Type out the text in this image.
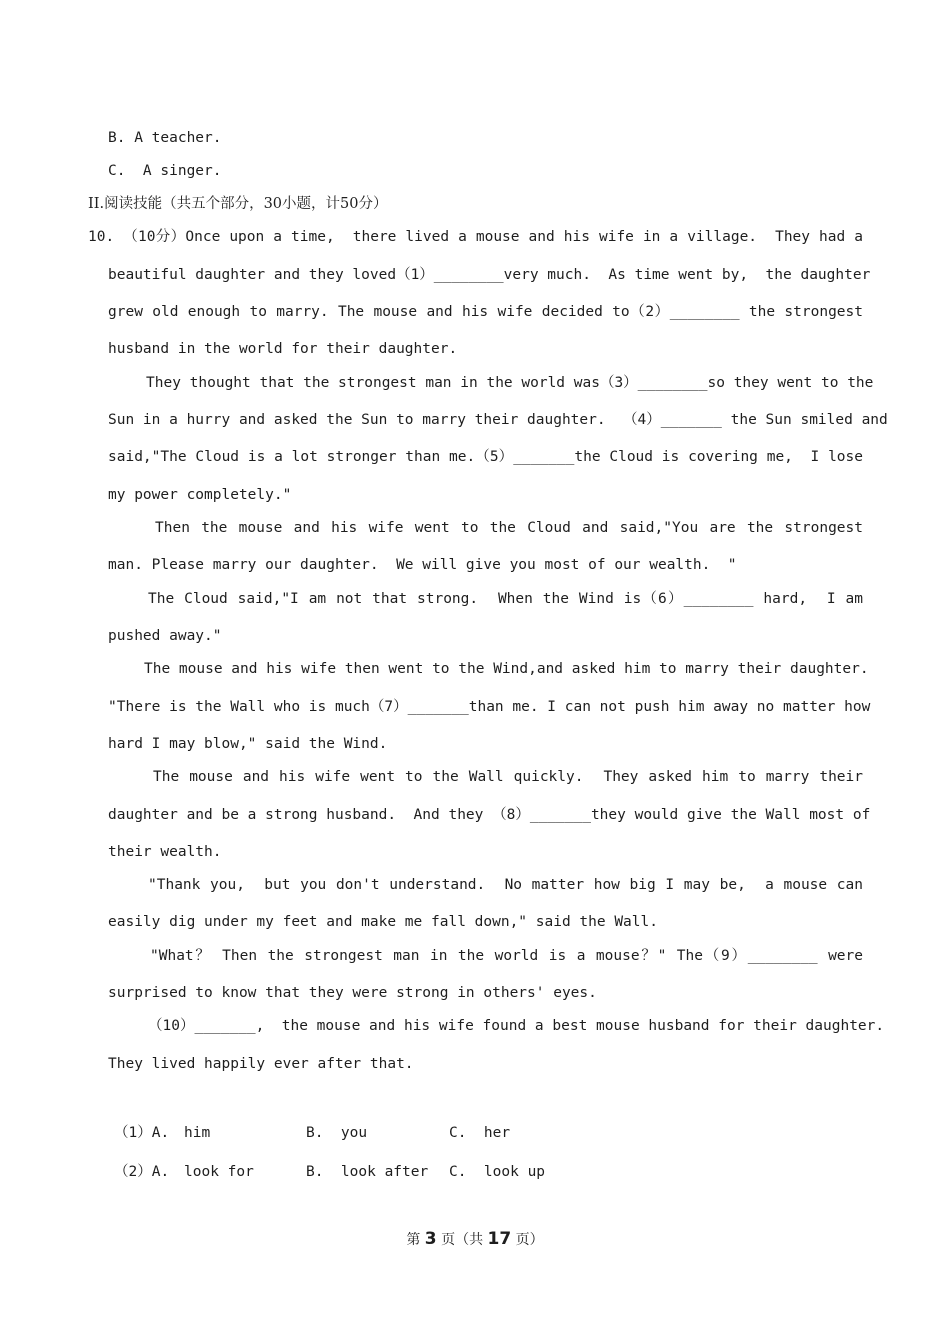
B. A teacher.
C.  A singer.
II.阅读技能（共五个部分，30小题，计50分）
10. （10分）Once upon a time,  there lived a mouse and his wife in a village.  They had a
beautiful daughter and they loved（1）________very much.  As time went by,  the daughter
grew old enough to marry. The mouse and his wife decided to（2）________ the strongest
husband in the world for their daughter.
They thought that the strongest man in the world was（3）________so they went to the
Sun in a hurry and asked the Sun to marry their daughter.  （4）_______ the Sun smiled and
said,"The Cloud is a lot stronger than me.（5）_______the Cloud is covering me,  I lose
my power completely."
Then the mouse and his wife went to the Cloud and said,"You are the strongest
man. Please marry our daughter.  We will give you most of our wealth.  "
The Cloud said,"I am not that strong.  When the Wind is（6）________ hard,  I am
pushed away."
The mouse and his wife then went to the Wind,and asked him to marry their daughter.
"There is the Wall who is much（7）_______than me. I can not push him away no matter how
hard I may blow," said the Wind.
The mouse and his wife went to the Wall quickly.  They asked him to marry their
daughter and be a strong husband.  And they （8）_______they would give the Wall most of
their wealth.
"Thank you,  but you don't understand.  No matter how big I may be,  a mouse can
easily dig under my feet and make me fall down," said the Wall.
"What？ Then the strongest man in the world is a mouse？" The（9）________ were
surprised to know that they were strong in others' eyes.
（10）_______,  the mouse and his wife found a best mouse husband for their daughter.
They lived happily ever after that.

（1）A.

him

	B.  you

	C.  her

（2）A.

look for

	B.  look after

C.  look up

第 3 页（共 17 页）
